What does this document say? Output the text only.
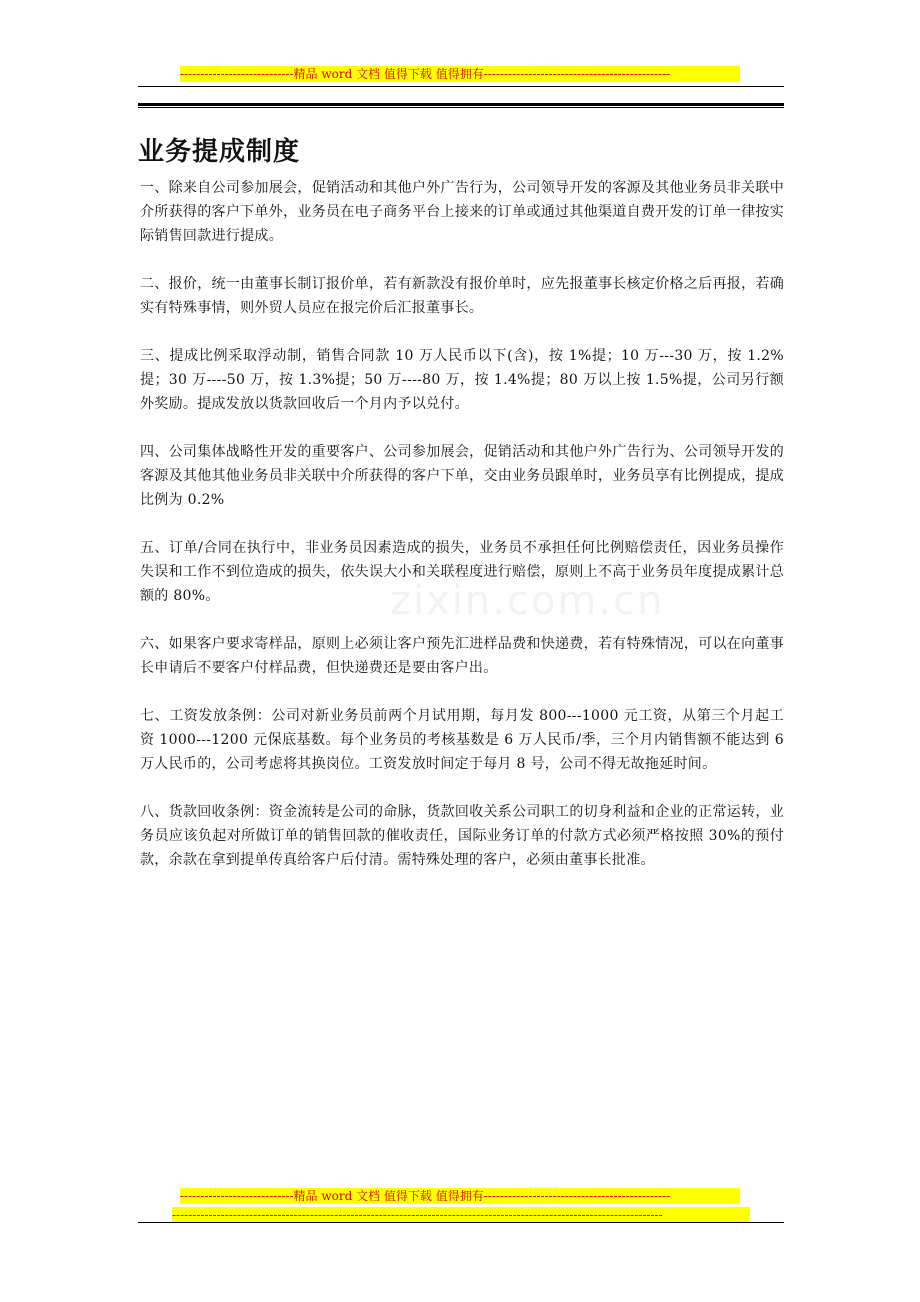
----------------------------精品 word 文档 值得下载 值得拥有----------------------------------------------
zixin.com.cn
业务提成制度

一、除来自公司参加展会，促销活动和其他户外广告行为，公司领导开发的客源及其他业务员非关联中介所获得的客户下单外，业务员在电子商务平台上接来的订单或通过其他渠道自费开发的订单一律按实际销售回款进行提成。

二、报价，统一由董事长制订报价单，若有新款没有报价单时，应先报董事长核定价格之后再报，若确实有特殊事情，则外贸人员应在报完价后汇报董事长。

三、提成比例采取浮动制，销售合同款 10 万人民币以下(含)，按 1%提；10 万---30 万，按 1.2%提；30 万----50 万，按 1.3%提；50 万----80 万，按 1.4%提；80 万以上按 1.5%提，公司另行额外奖励。提成发放以货款回收后一个月内予以兑付。

四、公司集体战略性开发的重要客户、公司参加展会，促销活动和其他户外广告行为、公司领导开发的客源及其他其他业务员非关联中介所获得的客户下单，交由业务员跟单时，业务员享有比例提成，提成比例为 0.2%

五、订单/合同在执行中，非业务员因素造成的损失，业务员不承担任何比例赔偿责任，因业务员操作失误和工作不到位造成的损失，依失误大小和关联程度进行赔偿，原则上不高于业务员年度提成累计总额的 80%。

六、如果客户要求寄样品，原则上必须让客户预先汇进样品费和快递费，若有特殊情况，可以在向董事长申请后不要客户付样品费，但快递费还是要由客户出。

七、工资发放条例：公司对新业务员前两个月试用期，每月发 800---1000 元工资，从第三个月起工资 1000---1200 元保底基数。每个业务员的考核基数是 6 万人民币/季，三个月内销售额不能达到 6 万人民币的，公司考虑将其换岗位。工资发放时间定于每月 8 号，公司不得无故拖延时间。

八、货款回收条例：资金流转是公司的命脉，货款回收关系公司职工的切身利益和企业的正常运转，业务员应该负起对所做订单的销售回款的催收责任，国际业务订单的付款方式必须严格按照 30%的预付款，余款在拿到提单传真给客户后付清。需特殊处理的客户，必须由董事长批准。

----------------------------精品 word 文档 值得下载 值得拥有----------------------------------------------
-------------------------------------------------------------------------------------------------------------------------
